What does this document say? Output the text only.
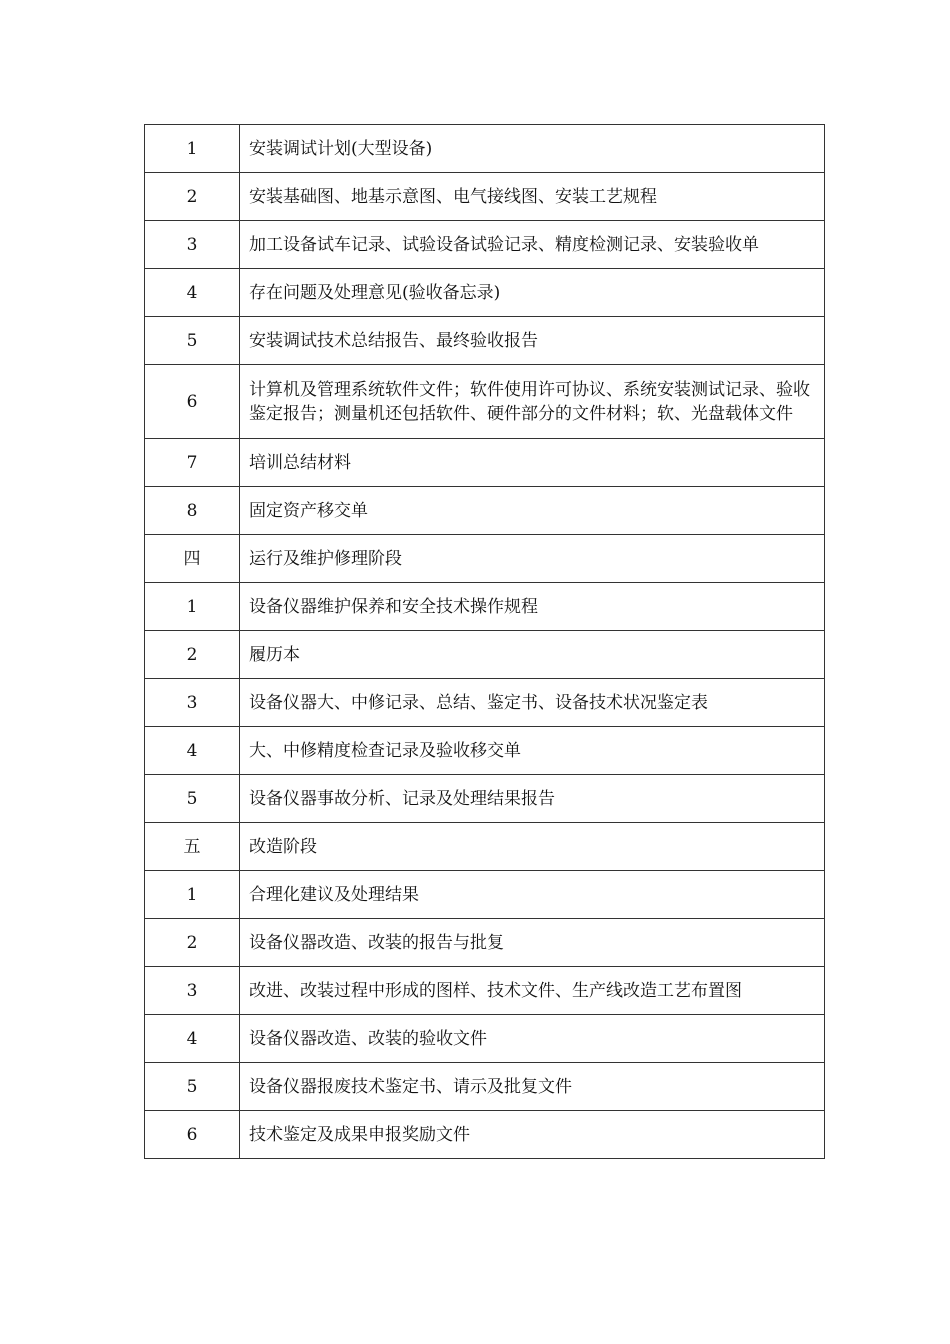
1	安装调试计划(大型设备)
2	安装基础图、地基示意图、电气接线图、安装工艺规程
3	加工设备试车记录、试验设备试验记录、精度检测记录、安装验收单
4	存在问题及处理意见(验收备忘录)
5	安装调试技术总结报告、最终验收报告
6	计算机及管理系统软件文件；软件使用许可协议、系统安装测试记录、验收鉴定报告；测量机还包括软件、硬件部分的文件材料；软、光盘载体文件
7	培训总结材料
8	固定资产移交单
四	运行及维护修理阶段
1	设备仪器维护保养和安全技术操作规程
2	履历本
3	设备仪器大、中修记录、总结、鉴定书、设备技术状况鉴定表
4	大、中修精度检查记录及验收移交单
5	设备仪器事故分析、记录及处理结果报告
五	改造阶段
1	合理化建议及处理结果
2	设备仪器改造、改装的报告与批复
3	改进、改装过程中形成的图样、技术文件、生产线改造工艺布置图
4	设备仪器改造、改装的验收文件
5	设备仪器报废技术鉴定书、请示及批复文件
6	技术鉴定及成果申报奖励文件
